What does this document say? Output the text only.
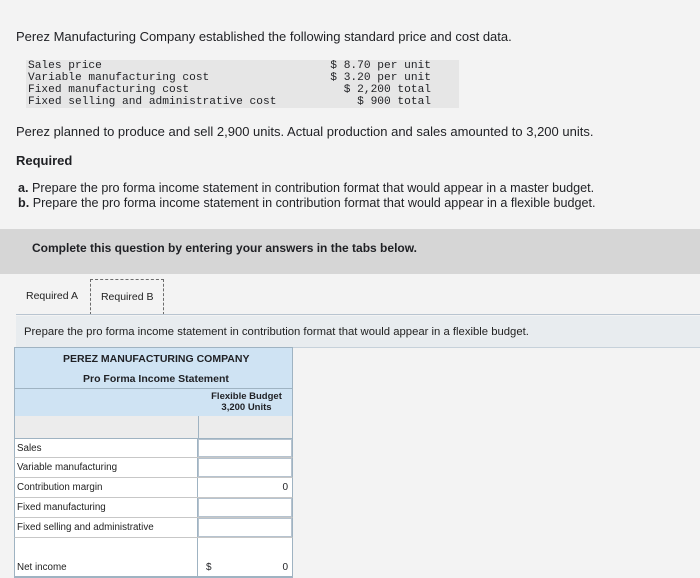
Perez Manufacturing Company established the following standard price and cost data.
Sales price	$ 8.70 per unit
Variable manufacturing cost	$ 3.20 per unit
Fixed manufacturing cost	$ 2,200 total
Fixed selling and administrative cost	$ 900 total
Perez planned to produce and sell 2,900 units. Actual production and sales amounted to 3,200 units.
Required
a. Prepare the pro forma income statement in contribution format that would appear in a master budget.
b. Prepare the pro forma income statement in contribution format that would appear in a flexible budget.
Complete this question by entering your answers in the tabs below.
Required A	Required B
Prepare the pro forma income statement in contribution format that would appear in a flexible budget.
PEREZ MANUFACTURING COMPANY
Pro Forma Income Statement
Flexible Budget
3,200 Units
Sales
Variable manufacturing
Contribution margin	0
Fixed manufacturing
Fixed selling and administrative
Net income	$	0
